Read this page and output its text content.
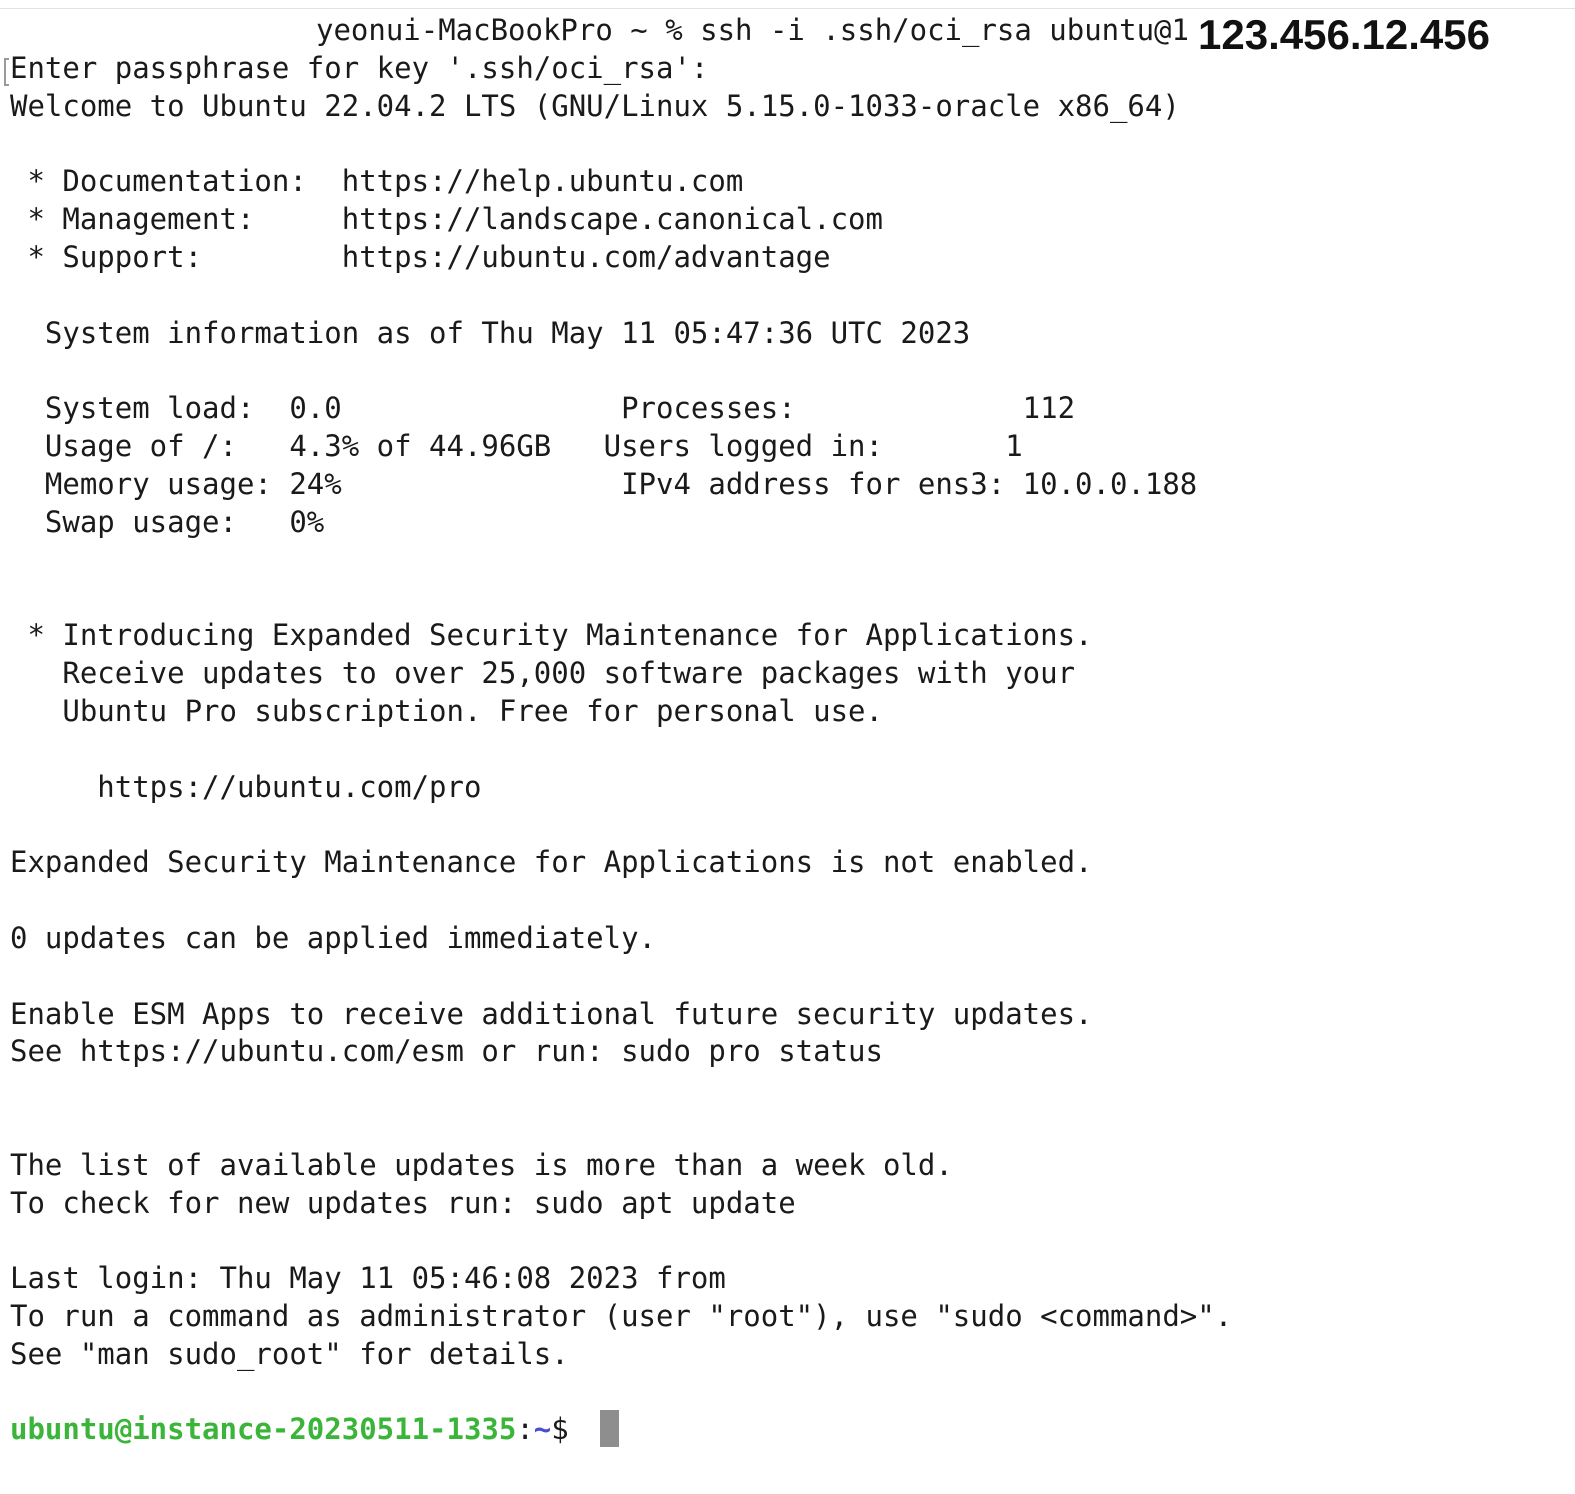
yeonui-MacBookPro ~ % ssh -i .ssh/oci_rsa ubuntu@1 123.456.12.456
Enter passphrase for key '.ssh/oci_rsa':
Welcome to Ubuntu 22.04.2 LTS (GNU/Linux 5.15.0-1033-oracle x86_64)
* Documentation:  https://help.ubuntu.com
* Management:     https://landscape.canonical.com
* Support:        https://ubuntu.com/advantage
System information as of Thu May 11 05:47:36 UTC 2023
System load:  0.0                Processes:             112
Usage of /:   4.3% of 44.96GB   Users logged in:       1
Memory usage: 24%                IPv4 address for ens3: 10.0.0.188
Swap usage:   0%
* Introducing Expanded Security Maintenance for Applications.
Receive updates to over 25,000 software packages with your
Ubuntu Pro subscription. Free for personal use.
https://ubuntu.com/pro
Expanded Security Maintenance for Applications is not enabled.
0 updates can be applied immediately.
Enable ESM Apps to receive additional future security updates.
See https://ubuntu.com/esm or run: sudo pro status
The list of available updates is more than a week old.
To check for new updates run: sudo apt update
Last login: Thu May 11 05:46:08 2023 from
To run a command as administrator (user "root"), use "sudo <command>".
See "man sudo_root" for details.
ubuntu@instance-20230511-1335:~$
